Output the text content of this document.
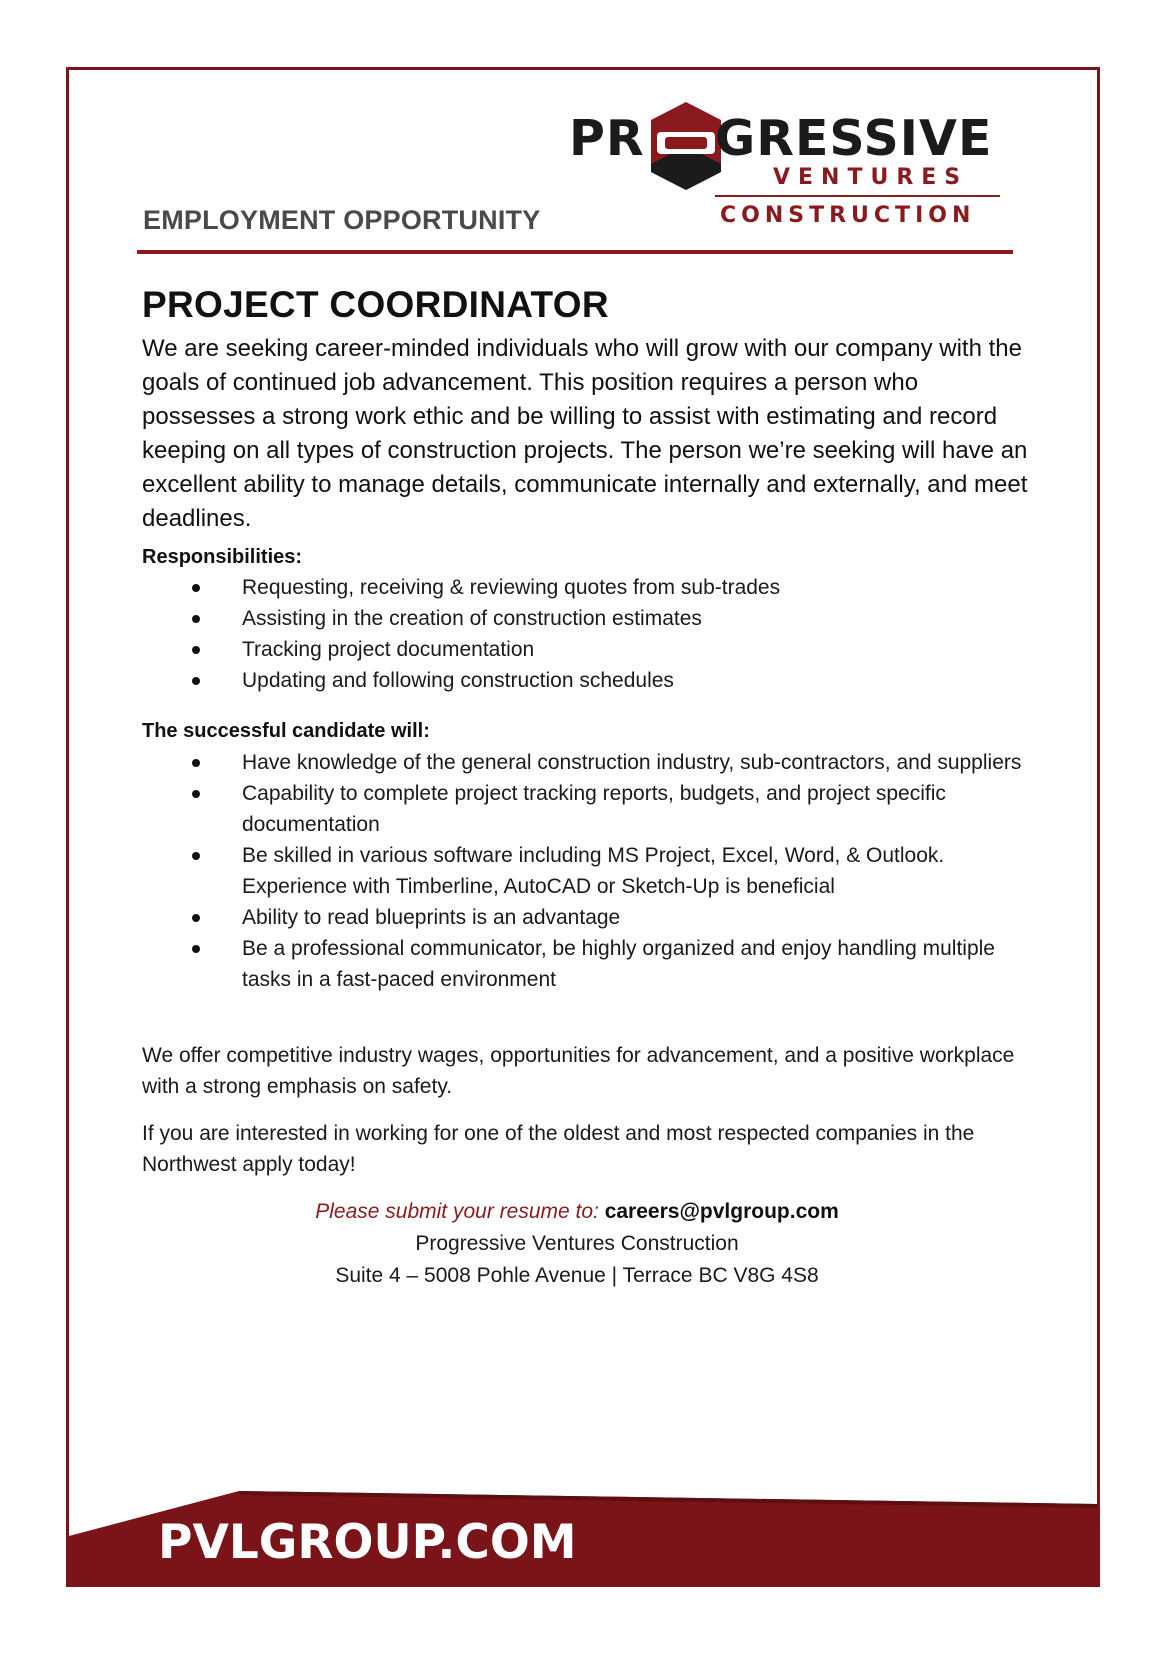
PR GRESSIVE
VENTURES
CONSTRUCTION
EMPLOYMENT OPPORTUNITY
PROJECT COORDINATOR

We are seeking career-minded individuals who will grow with our company with the goals of continued job advancement. This position requires a person who possesses a strong work ethic and be willing to assist with estimating and record keeping on all types of construction projects. The person we’re seeking will have an excellent ability to manage details, communicate internally and externally, and meet deadlines.

Responsibilities:
Requesting, receiving & reviewing quotes from sub-trades
Assisting in the creation of construction estimates
Tracking project documentation
Updating and following construction schedules
The successful candidate will:
Have knowledge of the general construction industry, sub-contractors, and suppliers
Capability to complete project tracking reports, budgets, and project specific documentation
Be skilled in various software including MS Project, Excel, Word, & Outlook. Experience with Timberline, AutoCAD or Sketch-Up is beneficial
Ability to read blueprints is an advantage
Be a professional communicator, be highly organized and enjoy handling multiple tasks in a fast-paced environment

We offer competitive industry wages, opportunities for advancement, and a positive workplace with a strong emphasis on safety.

If you are interested in working for one of the oldest and most respected companies in the Northwest apply today!

Please submit your resume to: careers@pvlgroup.com
Progressive Ventures Construction
Suite 4 – 5008 Pohle Avenue | Terrace BC V8G 4S8
PVLGROUP.COM
